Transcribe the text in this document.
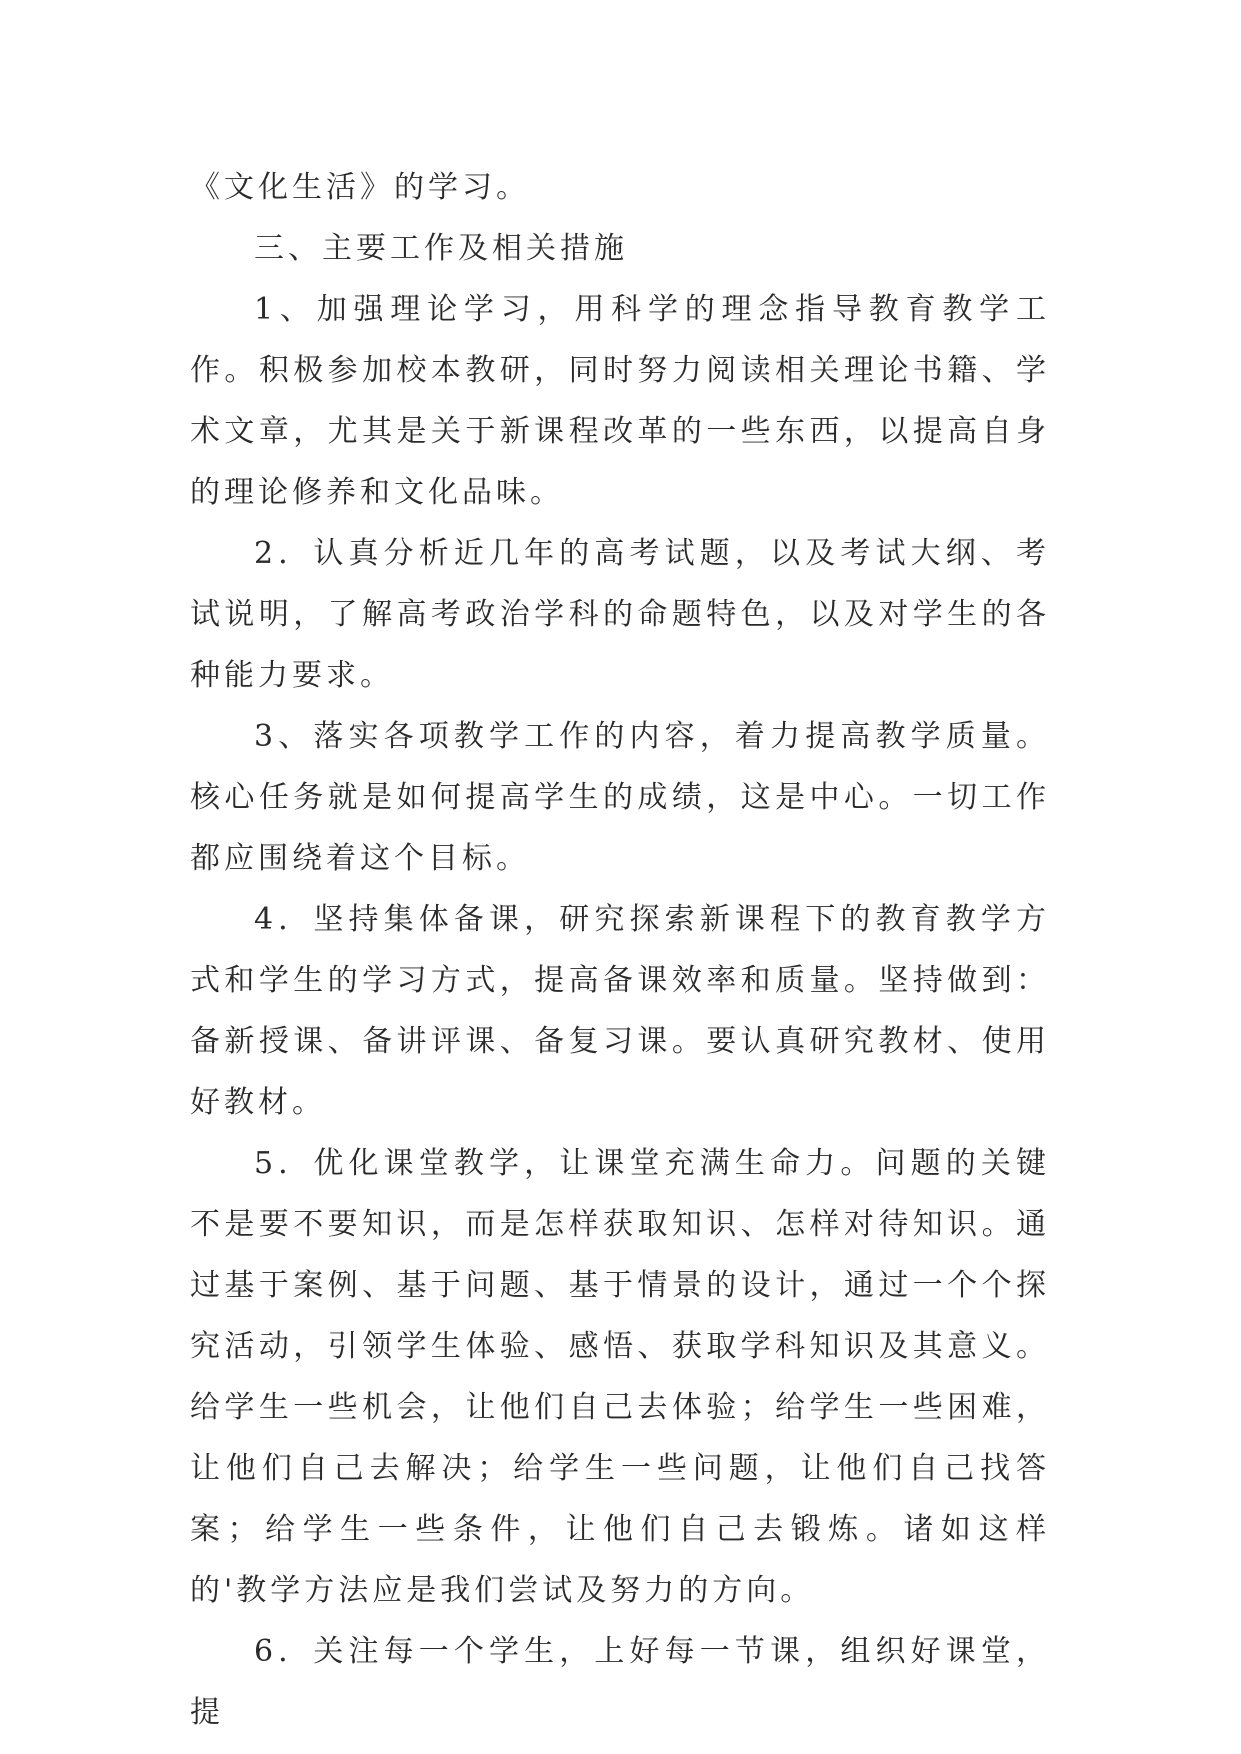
《文化生活》的学习。

三、主要工作及相关措施

1、加强理论学习，用科学的理念指导教育教学工作。积极参加校本教研，同时努力阅读相关理论书籍、学术文章，尤其是关于新课程改革的一些东西，以提高自身的理论修养和文化品味。

2．认真分析近几年的高考试题，以及考试大纲、考试说明，了解高考政治学科的命题特色，以及对学生的各种能力要求。

3、落实各项教学工作的内容，着力提高教学质量。核心任务就是如何提高学生的成绩，这是中心。一切工作都应围绕着这个目标。

4．坚持集体备课，研究探索新课程下的教育教学方式和学生的学习方式，提高备课效率和质量。坚持做到：备新授课、备讲评课、备复习课。要认真研究教材、使用好教材。

5．优化课堂教学，让课堂充满生命力。问题的关键不是要不要知识，而是怎样获取知识、怎样对待知识。通过基于案例、基于问题、基于情景的设计，通过一个个探究活动，引领学生体验、感悟、获取学科知识及其意义。给学生一些机会，让他们自己去体验；给学生一些困难，让他们自己去解决；给学生一些问题，让他们自己找答案；给学生一些条件，让他们自己去锻炼。诸如这样的'教学方法应是我们尝试及努力的方向。

6．关注每一个学生，上好每一节课，组织好课堂，提
